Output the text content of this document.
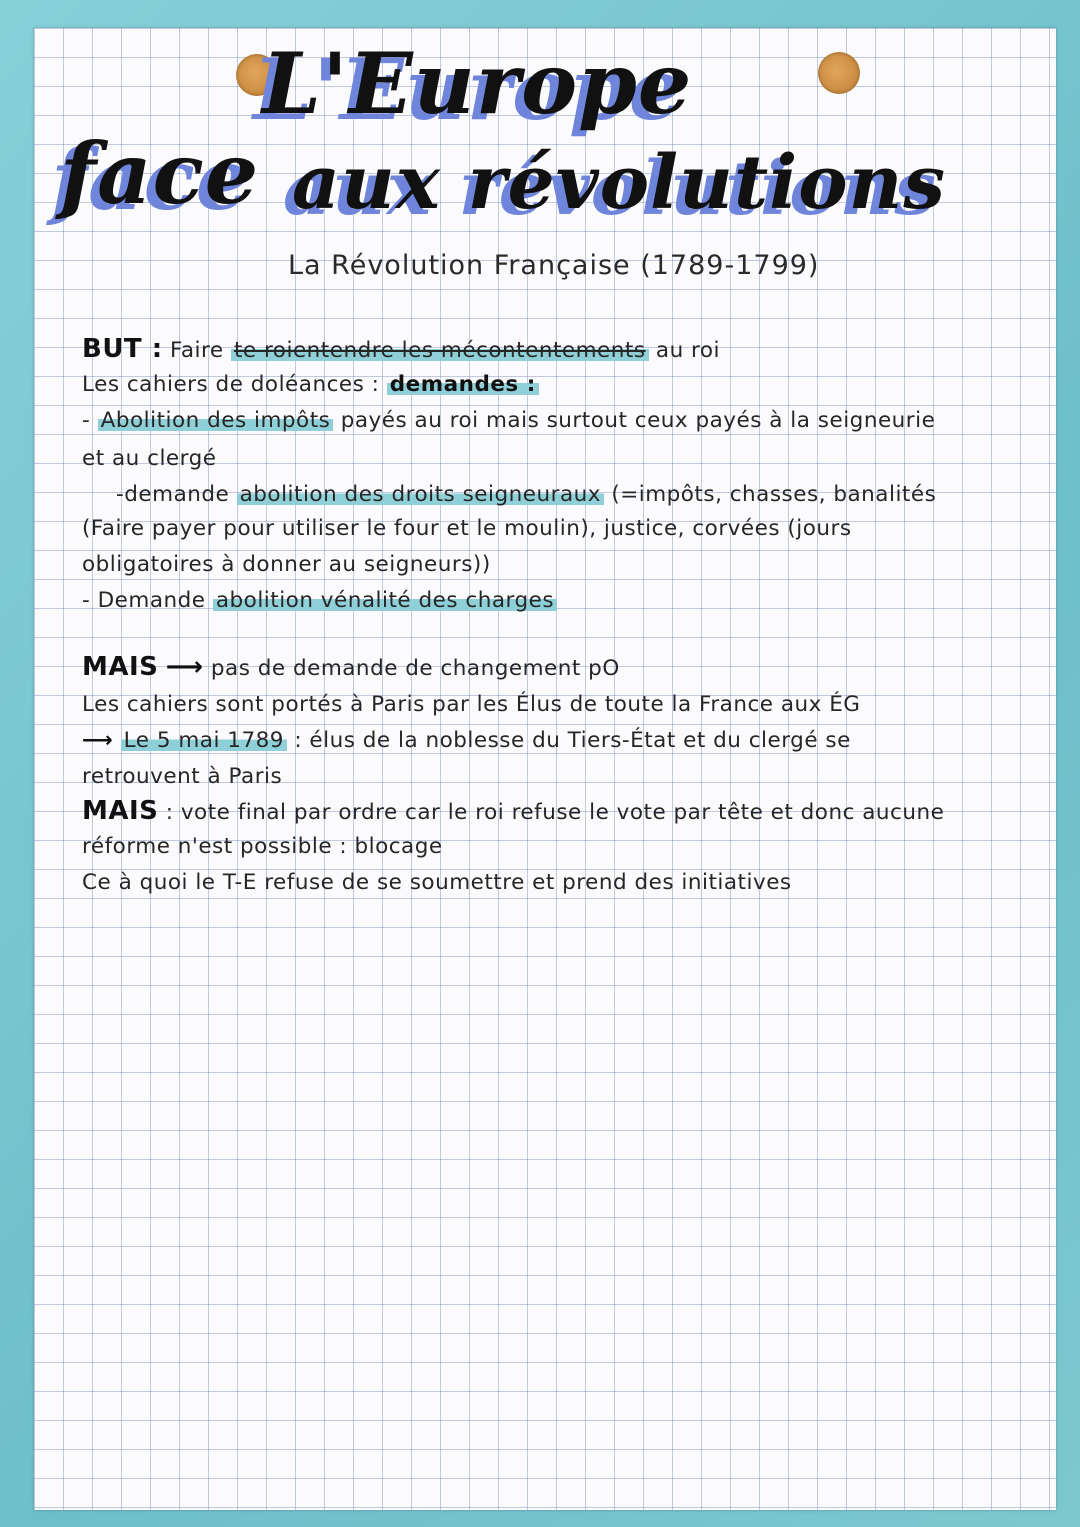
L'Europe
face aux révolutions
La Révolution Française (1789-1799)
BUT : Faire te roientendre les mécontentements au roi
Les cahiers de doléances : demandes :
- Abolition des impôts payés au roi mais surtout ceux payés à la seigneurie
et au clergé
-demande abolition des droits seigneuraux (=impôts, chasses, banalités
(Faire payer pour utiliser le four et le moulin), justice, corvées (jours
obligatoires à donner au seigneurs))
- Demande abolition vénalité des charges
MAIS ⟶ pas de demande de changement pO
Les cahiers sont portés à Paris par les Élus de toute la France aux ÉG
⟶ Le 5 mai 1789 : élus de la noblesse du Tiers-État et du clergé se
retrouvent à Paris
MAIS : vote final par ordre car le roi refuse le vote par tête et donc aucune
réforme n'est possible : blocage
Ce à quoi le T-E refuse de se soumettre et prend des initiatives
